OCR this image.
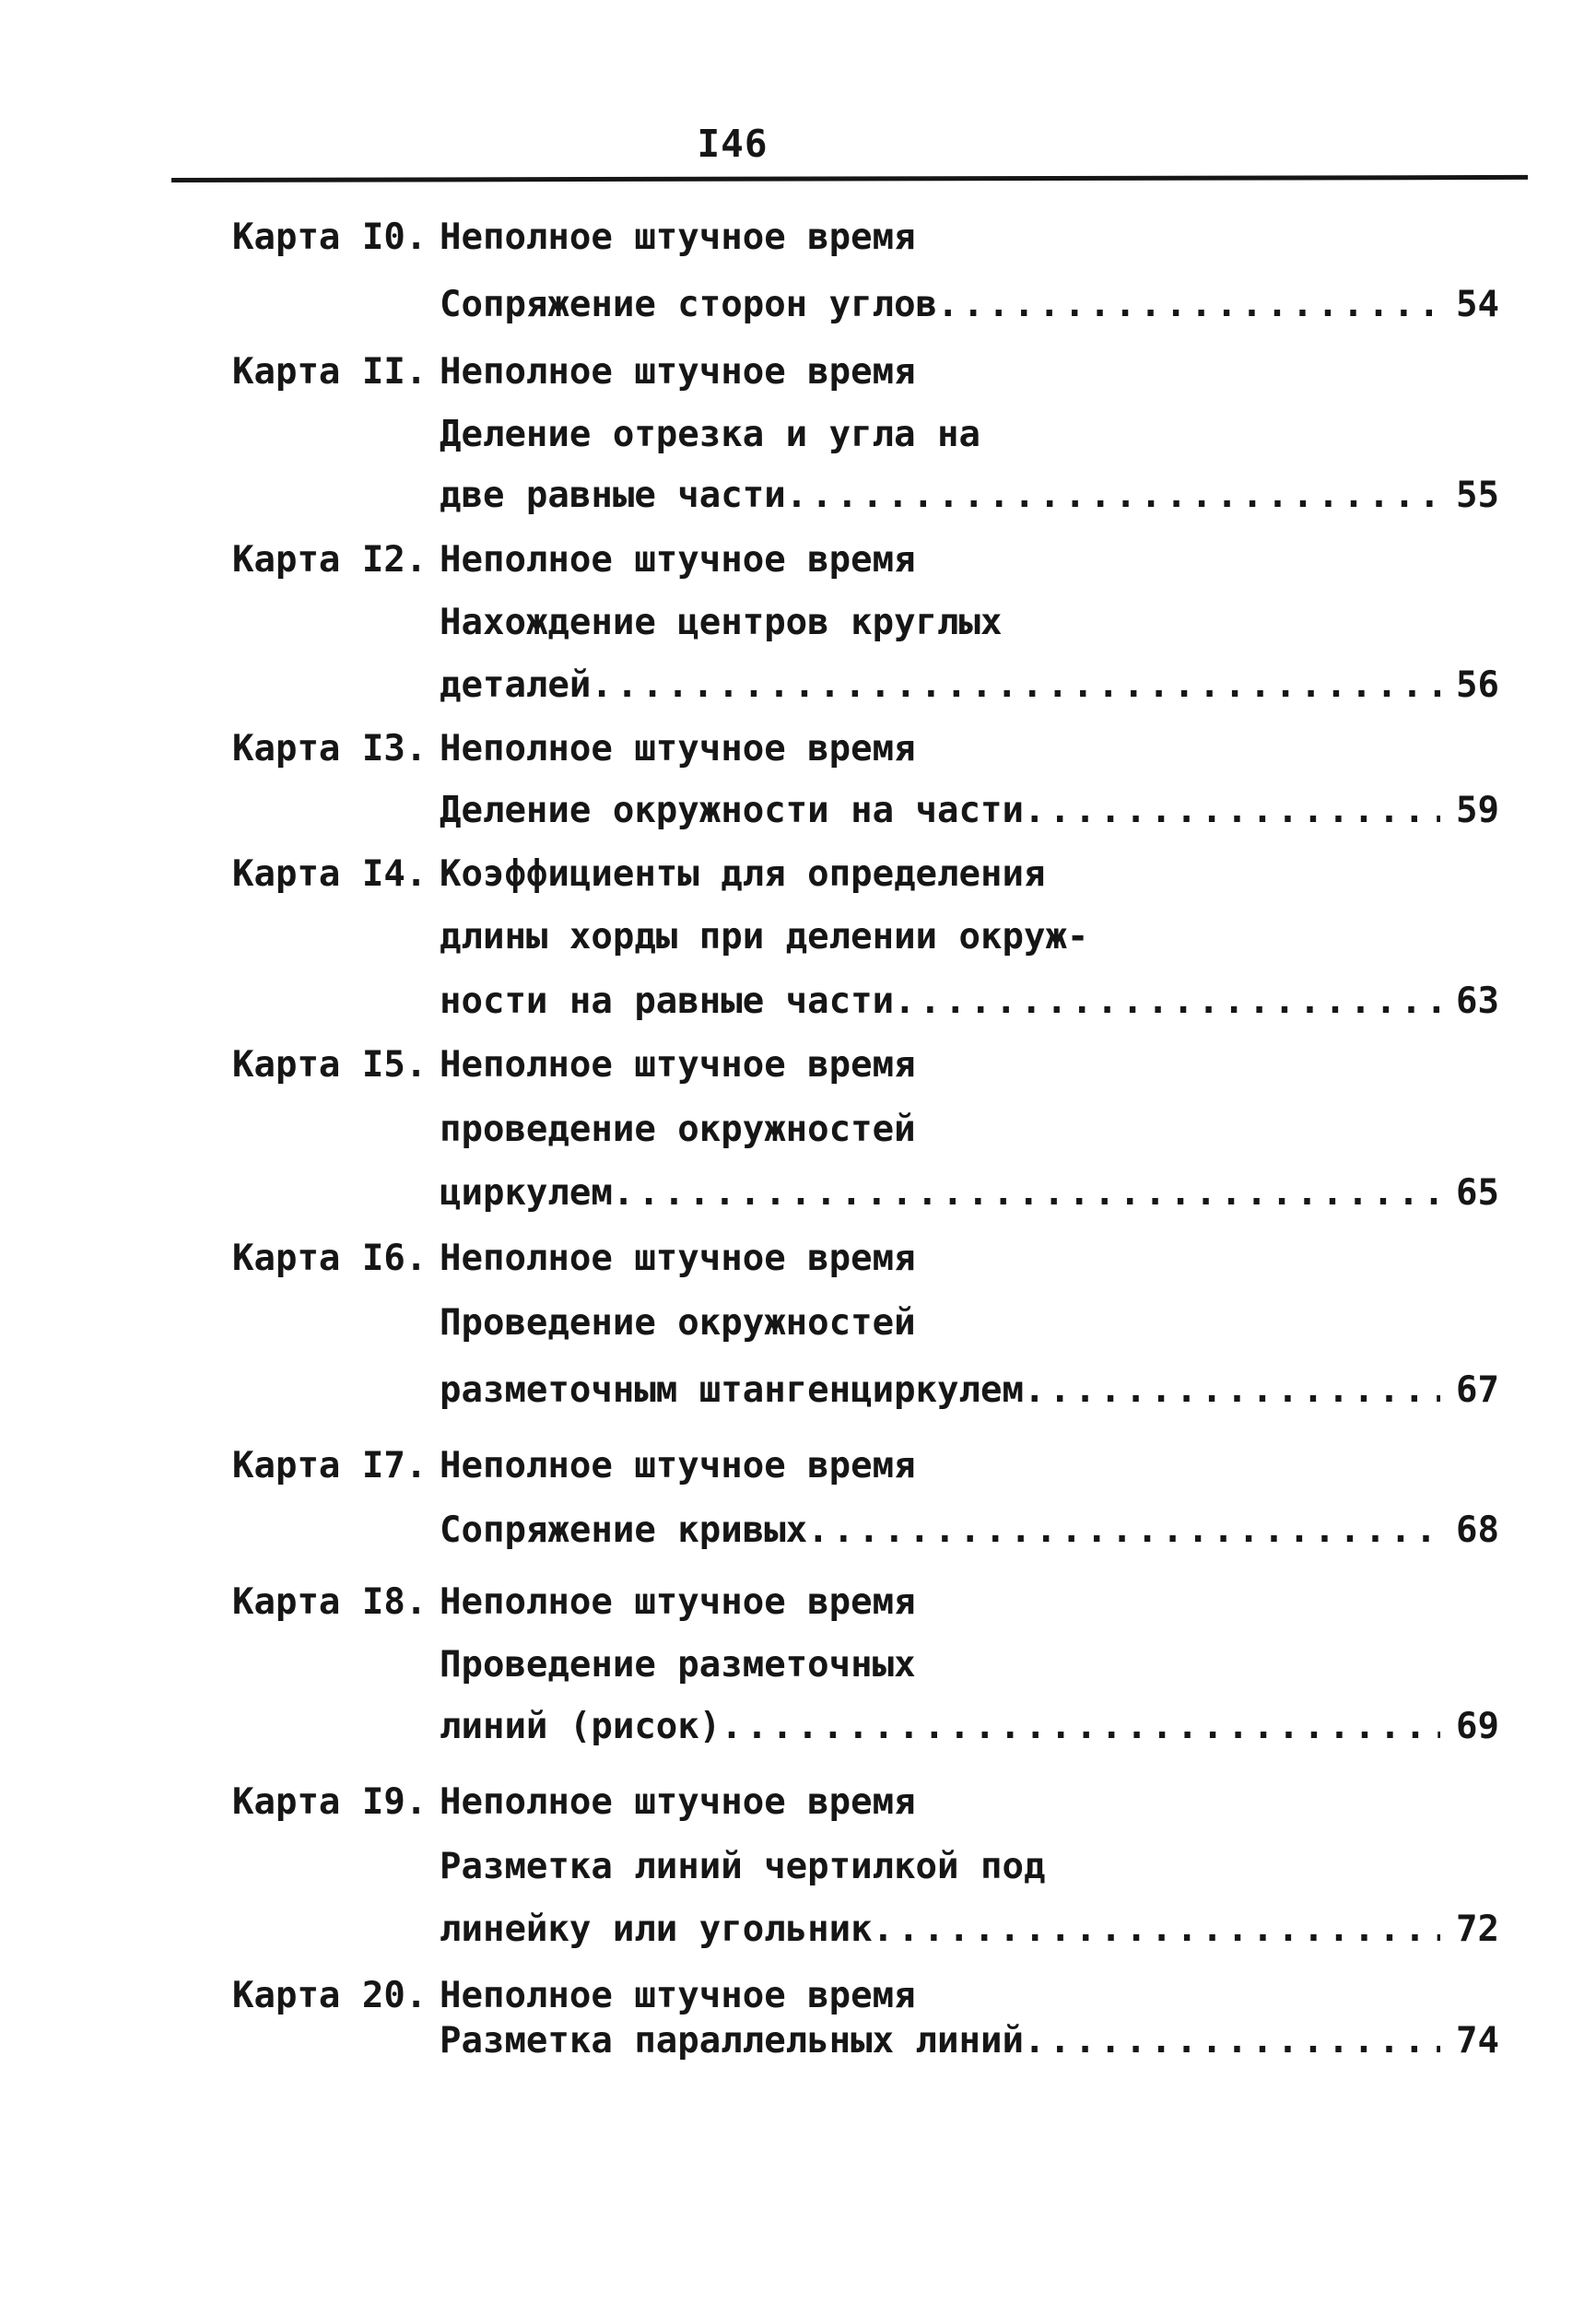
I46
Карта I0. Неполное штучное время
Сопряжение сторон углов .....	54
Карта II. Неполное штучное время
Деление отрезка и угла на
две равные части .....	55
Карта I2. Неполное штучное время
Нахождение центров круглых
деталей .....	56
Карта I3. Неполное штучное время
Деление окружности на части .....	59
Карта I4. Коэффициенты для определения
длины хорды при делении окруж-
ности на равные части .....	63
Карта I5. Неполное штучное время
проведение окружностей
циркулем .....	65
Карта I6. Неполное штучное время
Проведение окружностей
разметочным штангенциркулем .....	67
Карта I7. Неполное штучное время
Сопряжение кривых .....	68
Карта I8. Неполное штучное время
Проведение разметочных
линий (рисок) .....	69
Карта I9. Неполное штучное время
Разметка линий чертилкой под
линейку или угольник .....	72
Карта 20. Неполное штучное время
Разметка параллельных линий .....	74
